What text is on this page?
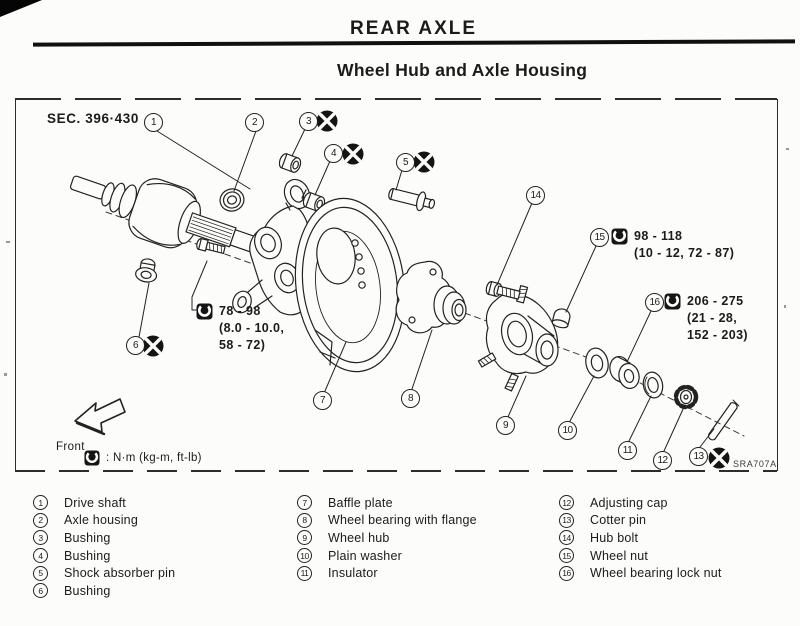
REAR AXLE
Wheel Hub and Axle Housing
SEC. 396·430	1	2	3
4
5
6
7	8
9	10
11
12	13
14
15
16
78 - 98
(8.0 - 10.0,
58 - 72)
98 - 118
(10 - 12, 72 - 87)
206 - 275
(21 - 28,
152 - 203)
Front
: N·m (kg-m, ft-lb)	SRA707A
1	Drive shaft
2	Axle housing
3	Bushing
4	Bushing
5	Shock absorber pin
6	Bushing
7	Baffle plate
8	Wheel bearing with flange
9	Wheel hub
10 Plain washer
11 Insulator
12 Adjusting cap
13 Cotter pin
14 Hub bolt
15 Wheel nut
16 Wheel bearing lock nut
